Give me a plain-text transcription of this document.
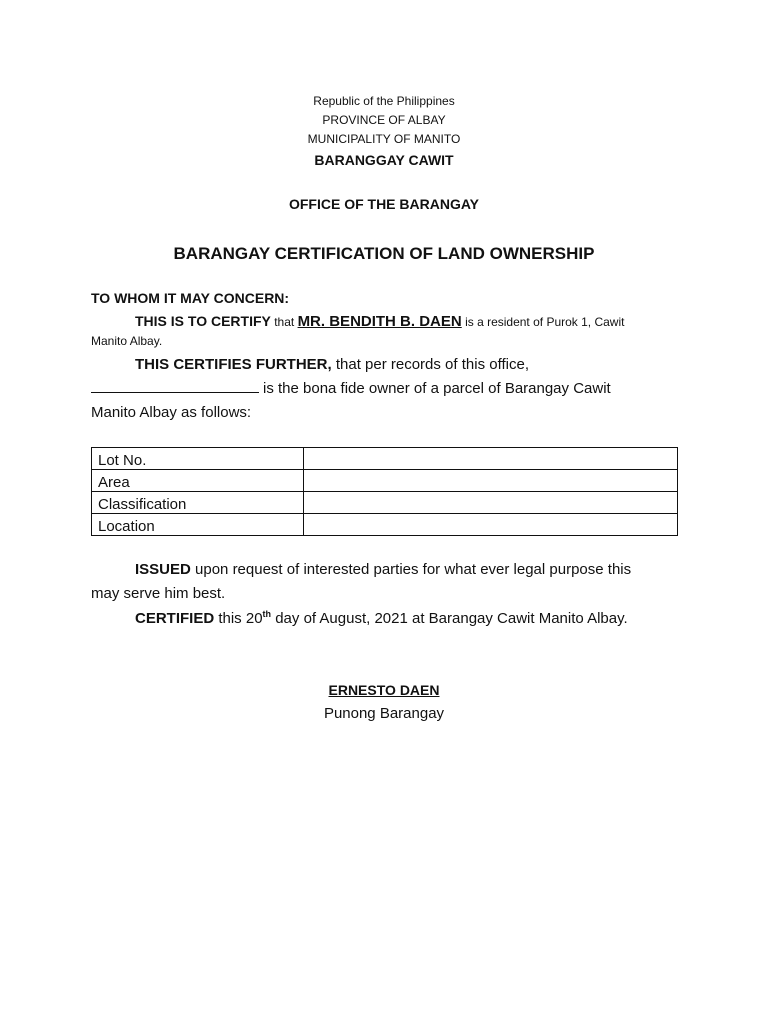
Republic of the Philippines
PROVINCE OF ALBAY
MUNICIPALITY OF MANITO
BARANGGAY CAWIT
OFFICE OF THE BARANGAY
BARANGAY CERTIFICATION OF LAND OWNERSHIP
TO WHOM IT MAY CONCERN:
THIS IS TO CERTIFY that MR. BENDITH B. DAEN is a resident of Purok 1, Cawit
Manito Albay.
THIS CERTIFIES FURTHER, that per records of this office,
is the bona fide owner of a parcel of Barangay Cawit
Manito Albay as follows:
Lot No.	
Area	
Classification	
Location	
ISSUED upon request of interested parties for what ever legal purpose this
may serve him best.
CERTIFIED this 20th day of August, 2021 at Barangay Cawit Manito Albay.
ERNESTO DAEN
Punong Barangay
